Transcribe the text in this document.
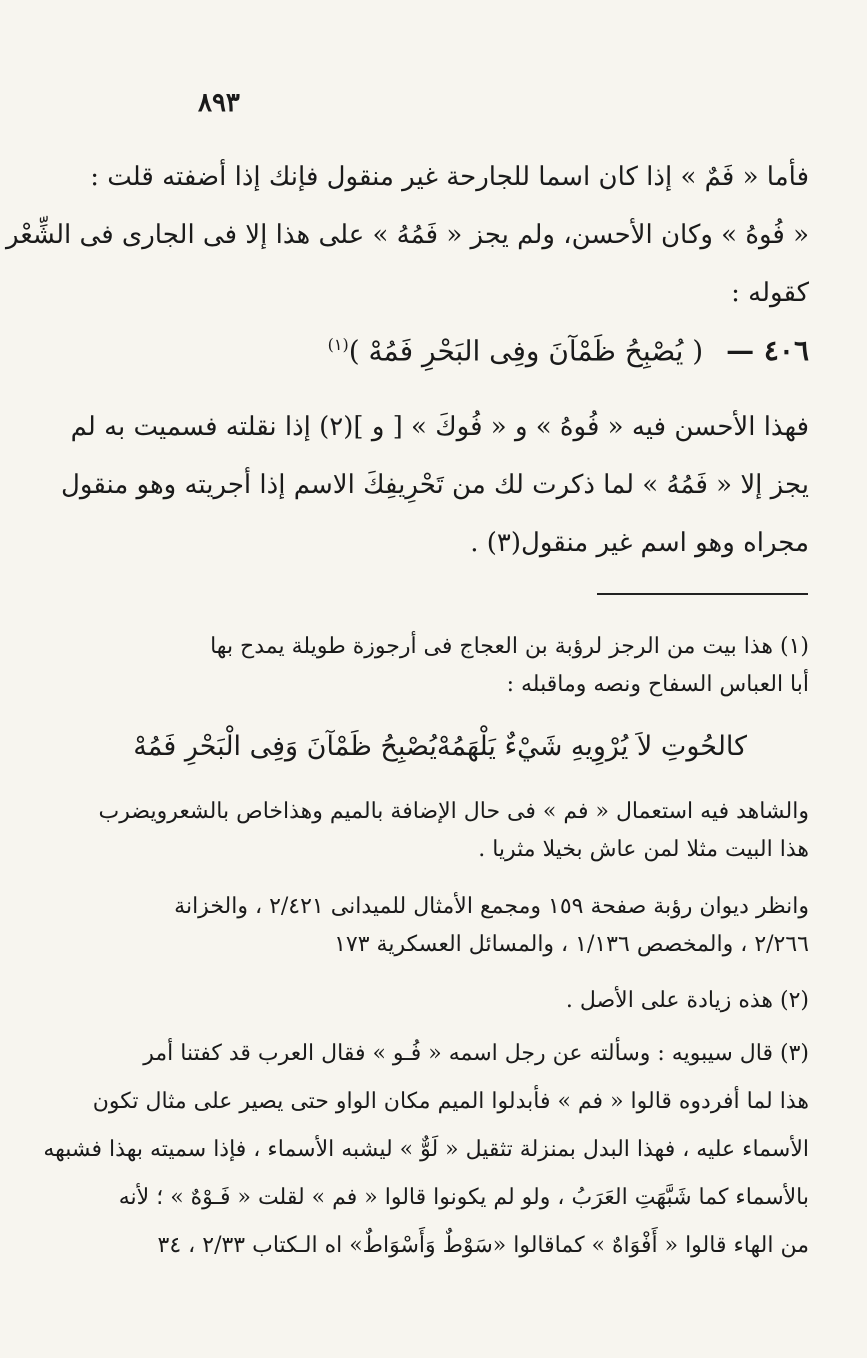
٨٩٣
فأما « فَمٌ » إذا كان اسما للجارحة غير منقول فإنك إذا أضفته قلت :
« فُوهُ » وكان الأحسن، ولم يجز « فَمُهُ » على هذا إلا فى الجارى فى الشِّعْر
كقوله :
٤٠٦ — ( يُصْبِحُ ظَمْآنَ وفِى البَحْرِ فَمُهْ )$^{(١)}$
فهذا الأحسن فيه « فُوهُ » و « فُوكَ » [ و ](٢) إذا نقلته فسميت به لم
يجز إلا « فَمُهُ » لما ذكرت لك من تَحْرِيفِكَ الاسم إذا أجريته وهو منقول
مجراه وهو اسم غير منقول(٣) .
(١) هذا بيت من الرجز لرؤبة بن العجاج فى أرجوزة طويلة يمدح بها
أبا العباس السفاح ونصه وماقبله :
كالحُوتِ لاَ يُرْوِيهِ شَيْءٌ يَلْهَمُهْ
يُصْبِحُ ظَمْآنَ وَفِى الْبَحْرِ فَمُهْ
والشاهد فيه استعمال « فم » فى حال الإضافة بالميم وهذاخاص بالشعرويضرب
هذا البيت مثلا لمن عاش بخيلا مثريا .
وانظر ديوان رؤبة صفحة ١٥٩ ومجمع الأمثال للميدانى ٢/٤٢١ ، والخزانة
٢/٢٦٦ ، والمخصص ١/١٣٦ ، والمسائل العسكرية ١٧٣
(٢) هذه زيادة على الأصل .
(٣) قال سيبويه : وسألته عن رجل اسمه « فُـو » فقال العرب قد كفتنا أمر
هذا لما أفردوه قالوا « فم » فأبدلوا الميم مكان الواو حتى يصير على مثال تكون
الأسماء عليه ، فهذا البدل بمنزلة تثقيل « لَوٌّ » ليشبه الأسماء ، فإذا سميته بهذا فشبهه
بالأسماء كما شَبَّهَتِ العَرَبُ ، ولو لم يكونوا قالوا « فم » لقلت « فَـوْهٌ » ؛ لأنه
من الهاء قالوا « أَفْوَاهٌ » كماقالوا «سَوْطٌ وَأَسْوَاطٌ» اه الـكتاب ٢/٣٣ ، ٣٤
